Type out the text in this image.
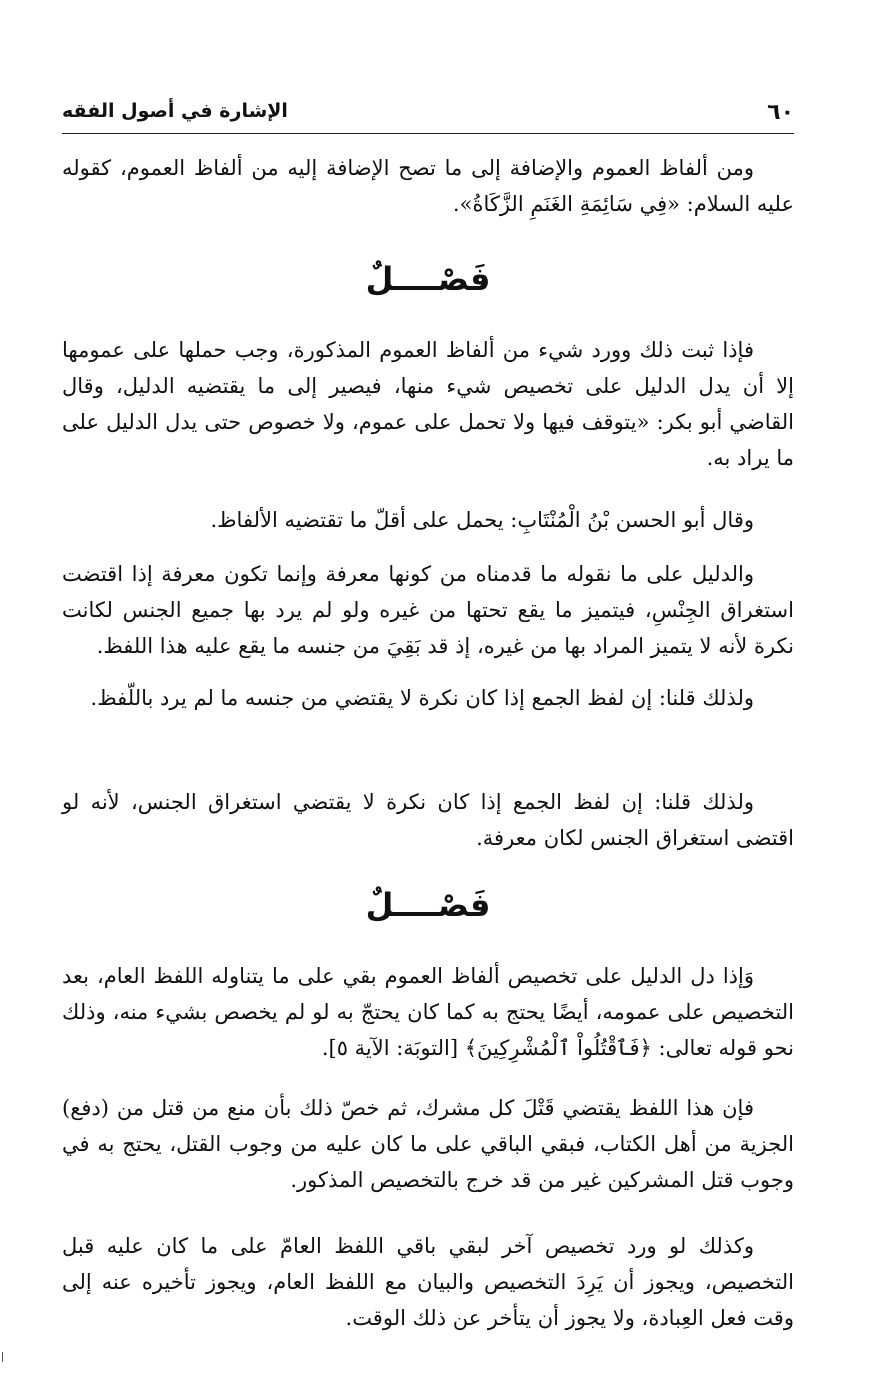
٦٠
الإشارة في أصول الفقه

ومن ألفاظ العموم والإضافة إلى ما تصح الإضافة إليه من ألفاظ العموم، كقوله عليه السلام: «فِي سَائِمَةِ الغَنَمِ الزَّكَاةُ».

فَصْــــلٌ

فإذا ثبت ذلك وورد شيء من ألفاظ العموم المذكورة، وجب حملها على عمومها إلا أن يدل الدليل على تخصيص شيء منها، فيصير إلى ما يقتضيه الدليل، وقال القاضي أبو بكر: «يتوقف فيها ولا تحمل على عموم، ولا خصوص حتى يدل الدليل على ما يراد به.

وقال أبو الحسن بْنُ الْمُنْتَابِ: يحمل على أقلّ ما تقتضيه الألفاظ.

والدليل على ما نقوله ما قدمناه من كونها معرفة وإنما تكون معرفة إذا اقتضت استغراق الجِنْسِ، فيتميز ما يقع تحتها من غيره ولو لم يرد بها جميع الجنس لكانت نكرة لأنه لا يتميز المراد بها من غيره، إذ قد بَقِيَ من جنسه ما يقع عليه هذا اللفظ.

ولذلك قلنا: إن لفظ الجمع إذا كان نكرة لا يقتضي من جنسه ما لم يرد باللّفظ.

ولذلك قلنا: إن لفظ الجمع إذا كان نكرة لا يقتضي استغراق الجنس، لأنه لو اقتضى استغراق الجنس لكان معرفة.

فَصْــــلٌ

وَإذا دل الدليل على تخصيص ألفاظ العموم بقي على ما يتناوله اللفظ العام، بعد التخصيص على عمومه، أيضًا يحتج به كما كان يحتجّ به لو لم يخصص بشيء منه، وذلك نحو قوله تعالى: ﴿فَٱقْتُلُواْ ٱلْمُشْرِكِينَ﴾ [التوبَة: الآية ٥].

فإن هذا اللفظ يقتضي قَتْلَ كل مشرك، ثم خصّ ذلك بأن منع من قتل من (دفع) الجزية من أهل الكتاب، فبقي الباقي على ما كان عليه من وجوب القتل، يحتج به في وجوب قتل المشركين غير من قد خرج بالتخصيص المذكور.

وكذلك لو ورد تخصيص آخر لبقي باقي اللفظ العامّ على ما كان عليه قبل التخصيص، ويجوز أن يَرِدَ التخصيص والبيان مع اللفظ العام، ويجوز تأخيره عنه إلى وقت فعل العِبادة، ولا يجوز أن يتأخر عن ذلك الوقت.
